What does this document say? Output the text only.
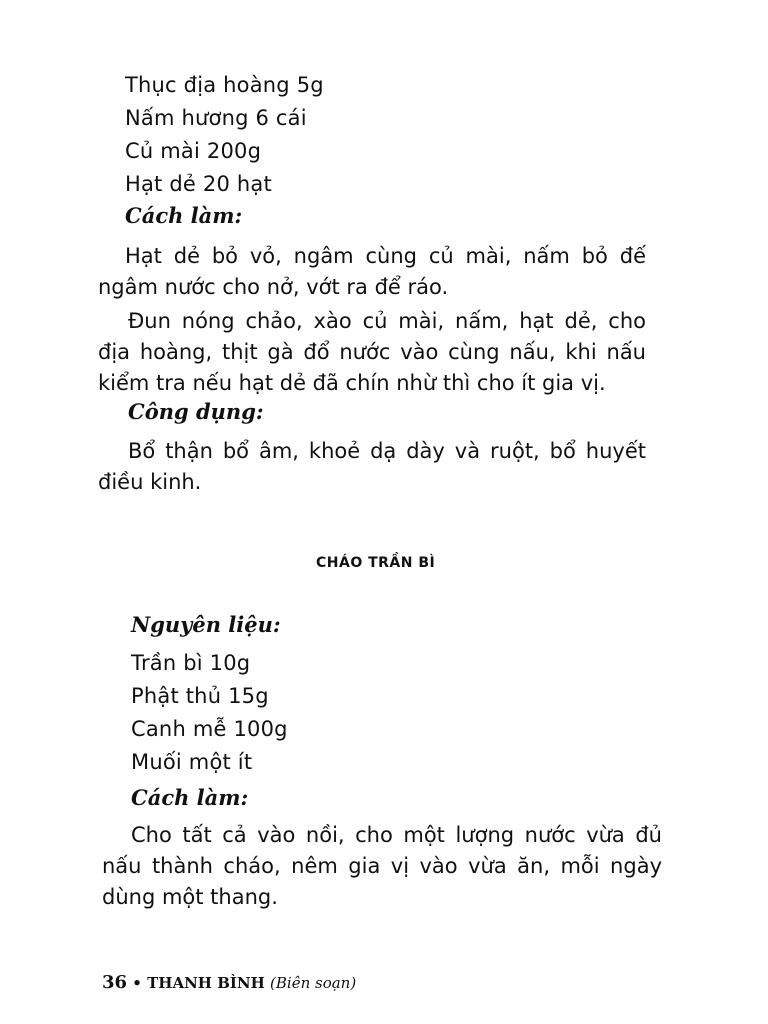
Thục địa hoàng 5g
Nấm hương 6 cái
Củ mài 200g
Hạt dẻ 20 hạt
Cách làm:
Hạt dẻ bỏ vỏ, ngâm cùng củ mài, nấm bỏ đế ngâm nước cho nở, vớt ra để ráo.
Đun nóng chảo, xào củ mài, nấm, hạt dẻ, cho địa hoàng, thịt gà đổ nước vào cùng nấu, khi nấu kiểm tra nếu hạt dẻ đã chín nhừ thì cho ít gia vị.
Công dụng:
Bổ thận bổ âm, khoẻ dạ dày và ruột, bổ huyết điều kinh.
CHÁO TRẦN BÌ
Nguyên liệu:
Trần bì 10g
Phật thủ 15g
Canh mễ 100g
Muối một ít
Cách làm:
Cho tất cả vào nồi, cho một lượng nước vừa đủ nấu thành cháo, nêm gia vị vào vừa ăn, mỗi ngày dùng một thang.
36 • THANH BÌNH (Biên soạn)
